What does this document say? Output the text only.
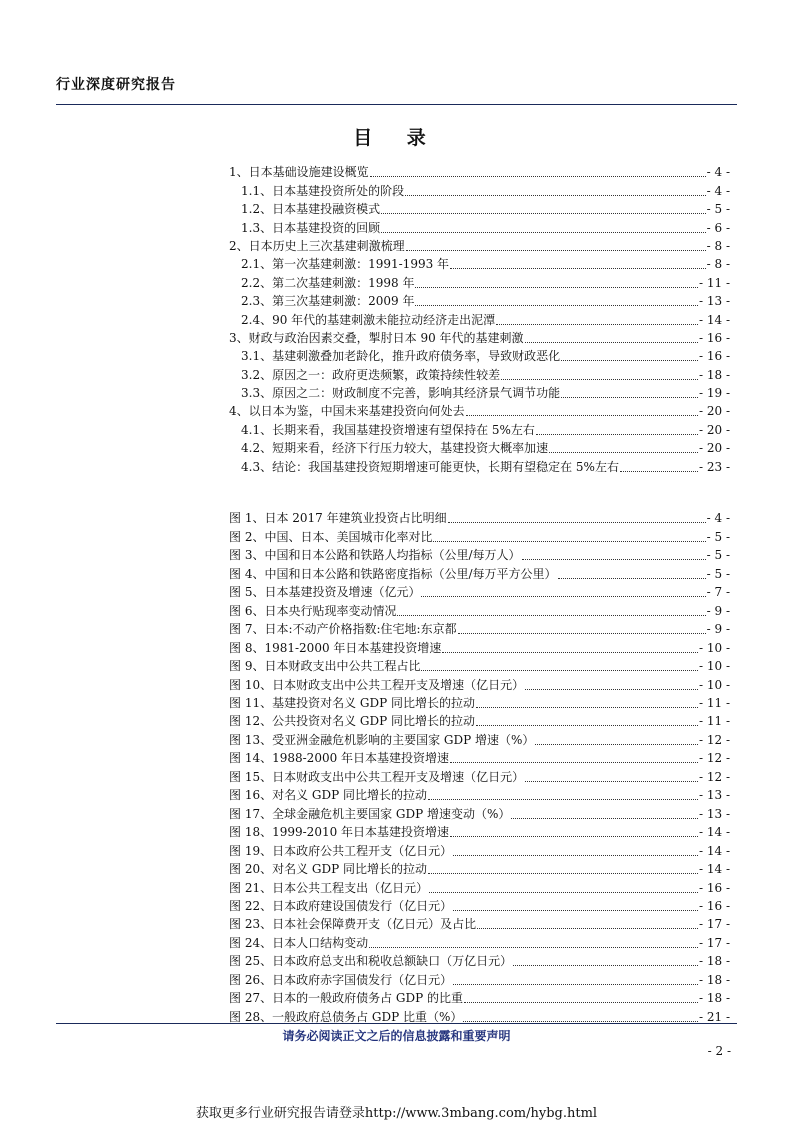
行业深度研究报告
目 录
1、日本基础设施建设概览	- 4 -
1.1、日本基建投资所处的阶段	- 4 -
1.2、日本基建投融资模式	- 5 -
1.3、日本基建投资的回顾	- 6 -
2、日本历史上三次基建刺激梳理	- 8 -
2.1、第一次基建刺激：1991-1993 年	- 8 -
2.2、第二次基建刺激：1998 年	- 11 -
2.3、第三次基建刺激：2009 年	- 13 -
2.4、90 年代的基建刺激未能拉动经济走出泥潭	- 14 -
3、财政与政治因素交叠，掣肘日本 90 年代的基建刺激	- 16 -
3.1、基建刺激叠加老龄化，推升政府债务率，导致财政恶化	- 16 -
3.2、原因之一：政府更迭频繁，政策持续性较差	- 18 -
3.3、原因之二：财政制度不完善，影响其经济景气调节功能	- 19 -
4、以日本为鉴，中国未来基建投资向何处去	- 20 -
4.1、长期来看，我国基建投资增速有望保持在 5%左右	- 20 -
4.2、短期来看，经济下行压力较大，基建投资大概率加速	- 20 -
4.3、结论：我国基建投资短期增速可能更快，长期有望稳定在 5%左右	- 23 -
图 1、日本 2017 年建筑业投资占比明细	- 4 -
图 2、中国、日本、美国城市化率对比	- 5 -
图 3、中国和日本公路和铁路人均指标（公里/每万人）	- 5 -
图 4、中国和日本公路和铁路密度指标（公里/每万平方公里）	- 5 -
图 5、日本基建投资及增速（亿元）	- 7 -
图 6、日本央行贴现率变动情况	- 9 -
图 7、日本:不动产价格指数:住宅地:东京都	- 9 -
图 8、1981-2000 年日本基建投资增速	- 10 -
图 9、日本财政支出中公共工程占比	- 10 -
图 10、日本财政支出中公共工程开支及增速（亿日元）	- 10 -
图 11、基建投资对名义 GDP 同比增长的拉动	- 11 -
图 12、公共投资对名义 GDP 同比增长的拉动	- 11 -
图 13、受亚洲金融危机影响的主要国家 GDP 增速（%）	- 12 -
图 14、1988-2000 年日本基建投资增速	- 12 -
图 15、日本财政支出中公共工程开支及增速（亿日元）	- 12 -
图 16、对名义 GDP 同比增长的拉动	- 13 -
图 17、全球金融危机主要国家 GDP 增速变动（%）	- 13 -
图 18、1999-2010 年日本基建投资增速	- 14 -
图 19、日本政府公共工程开支（亿日元）	- 14 -
图 20、对名义 GDP 同比增长的拉动	- 14 -
图 21、日本公共工程支出（亿日元）	- 16 -
图 22、日本政府建设国债发行（亿日元）	- 16 -
图 23、日本社会保障费开支（亿日元）及占比	- 17 -
图 24、日本人口结构变动	- 17 -
图 25、日本政府总支出和税收总额缺口（万亿日元）	- 18 -
图 26、日本政府赤字国债发行（亿日元）	- 18 -
图 27、日本的一般政府债务占 GDP 的比重	- 18 -
图 28、一般政府总债务占 GDP 比重（%）	- 21 -
请务必阅读正文之后的信息披露和重要声明
- 2 -
获取更多行业研究报告请登录http://www.3mbang.com/hybg.html
